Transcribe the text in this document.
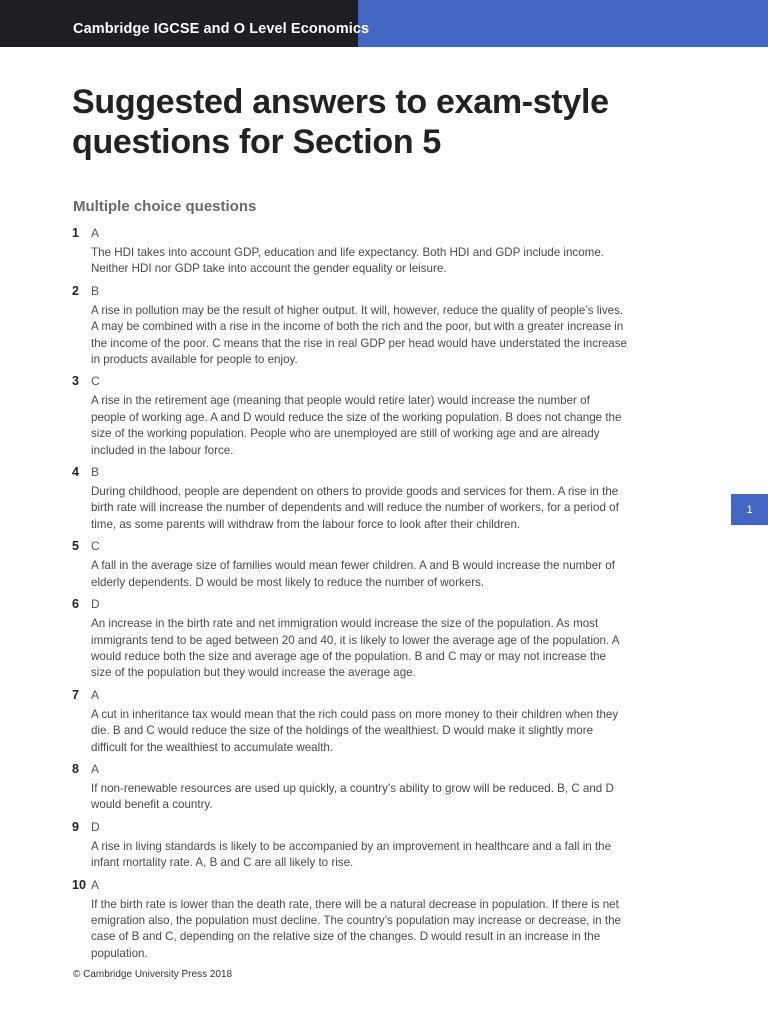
Cambridge IGCSE and O Level Economics
Suggested answers to exam-style questions for Section 5
Multiple choice questions
1	A
The HDI takes into account GDP, education and life expectancy. Both HDI and GDP include income. Neither HDI nor GDP take into account the gender equality or leisure.
2	B
A rise in pollution may be the result of higher output. It will, however, reduce the quality of people’s lives. A may be combined with a rise in the income of both the rich and the poor, but with a greater increase in the income of the poor. C means that the rise in real GDP per head would have understated the increase in products available for people to enjoy.
3	C
A rise in the retirement age (meaning that people would retire later) would increase the number of people of working age. A and D would reduce the size of the working population. B does not change the size of the working population. People who are unemployed are still of working age and are already included in the labour force.
4	B
During childhood, people are dependent on others to provide goods and services for them. A rise in the birth rate will increase the number of dependents and will reduce the number of workers, for a period of time, as some parents will withdraw from the labour force to look after their children.
5	C
A fall in the average size of families would mean fewer children. A and B would increase the number of elderly dependents. D would be most likely to reduce the number of workers.
6	D
An increase in the birth rate and net immigration would increase the size of the population. As most immigrants tend to be aged between 20 and 40, it is likely to lower the average age of the population. A would reduce both the size and average age of the population. B and C may or may not increase the size of the population but they would increase the average age.
7	A
A cut in inheritance tax would mean that the rich could pass on more money to their children when they die. B and C would reduce the size of the holdings of the wealthiest. D would make it slightly more difficult for the wealthiest to accumulate wealth.
8	A
If non-renewable resources are used up quickly, a country’s ability to grow will be reduced. B, C and D would benefit a country.
9	D
A rise in living standards is likely to be accompanied by an improvement in healthcare and a fall in the infant mortality rate. A, B and C are all likely to rise.
10 A
If the birth rate is lower than the death rate, there will be a natural decrease in population. If there is net emigration also, the population must decline. The country’s population may increase or decrease, in the case of B and C, depending on the relative size of the changes. D would result in an increase in the population.
1
© Cambridge University Press 2018
